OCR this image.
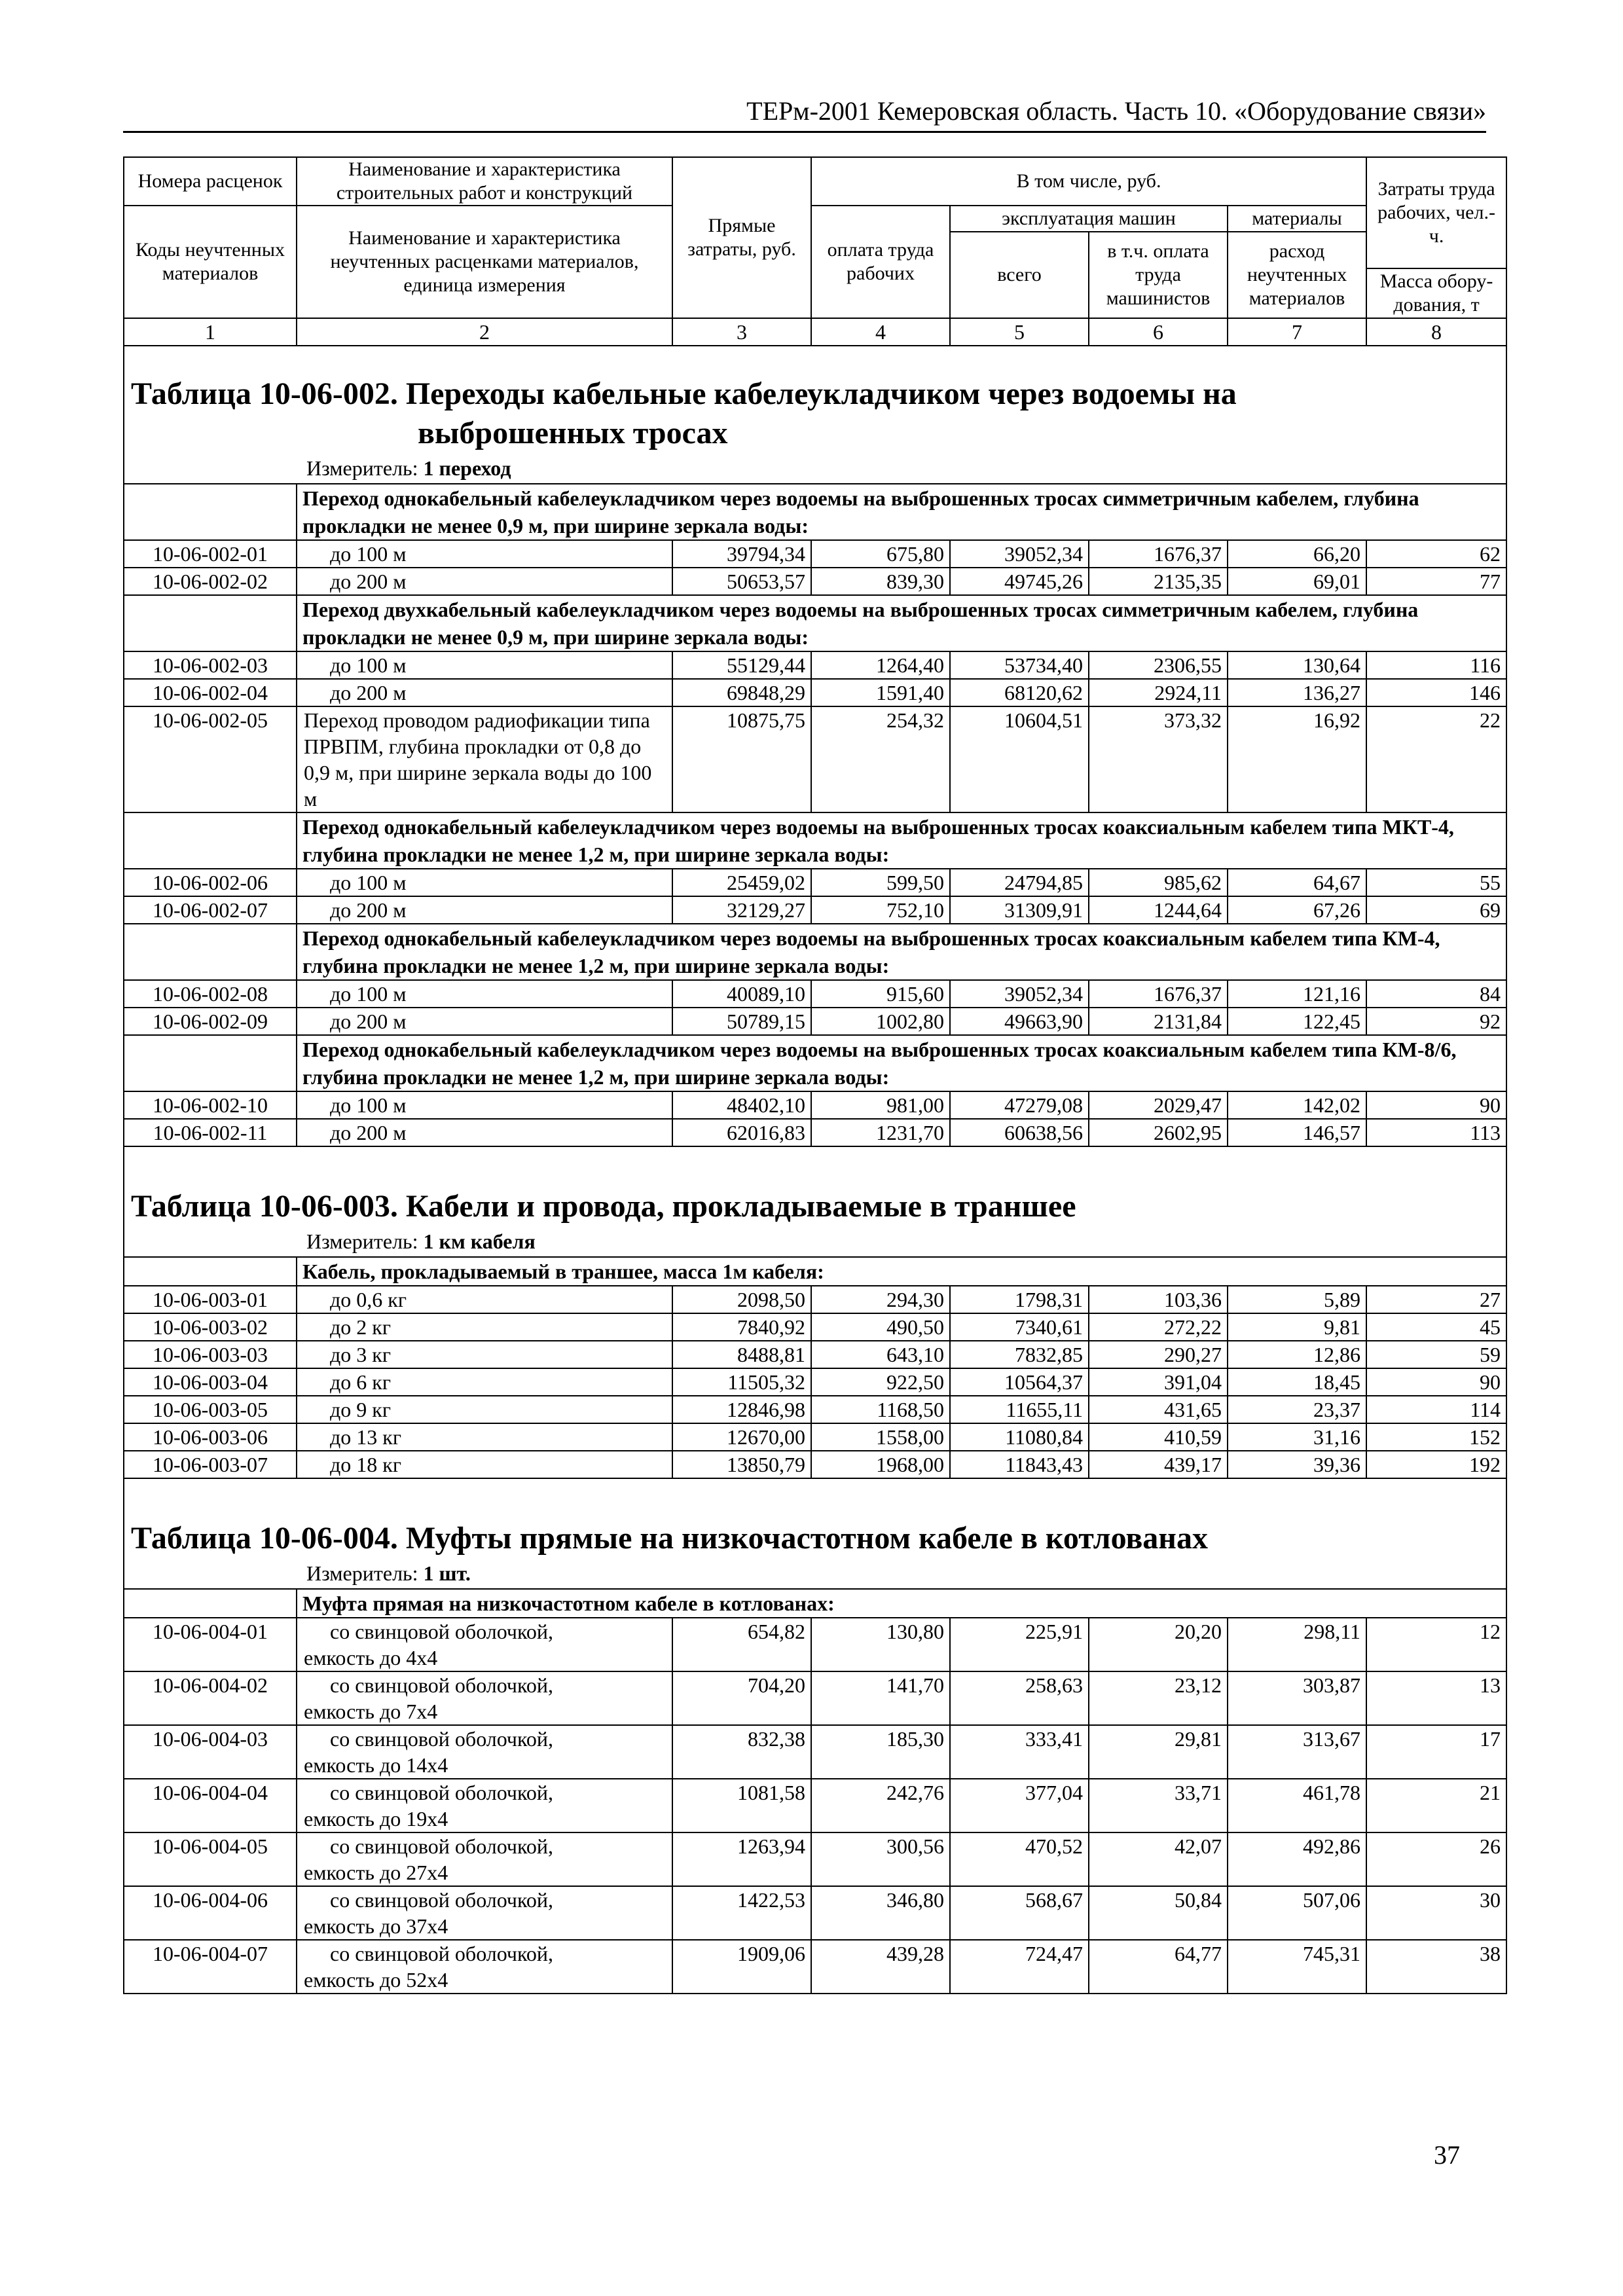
ТЕРм-2001 Кемеровская область. Часть 10. «Оборудование связи»
Номера расценок	Наименование и характеристика строительных работ и конструкций	Прямые затраты, руб.	В том числе, руб.				Затраты труда рабочих, чел.-ч.
Коды неучтенных материалов	Наименование и характеристика неучтенных расценками материалов, единица измерения		оплата труда рабочих	эксплуатация машин		материалы	
				всего	в т.ч. оплата труда машинистов	расход неучтенных материалов	
							Масса обору- дования, т
1	2	3	4	5	6	7	8

Таблица 10-06-002. Переходы кабельные кабелеукладчиком через водоемы на
выброшенных тросах							

Измеритель: 1 переход							
	Переход однокабельный кабелеукладчиком через водоемы на выброшенных тросах симметричным кабелем, глубина прокладки не менее 0,9 м, при ширине зеркала воды:						
10-06-002-01	до 100 м	39794,34	675,80	39052,34	1676,37	66,20	62
10-06-002-02	до 200 м	50653,57	839,30	49745,26	2135,35	69,01	77
	Переход двухкабельный кабелеукладчиком через водоемы на выброшенных тросах симметричным кабелем, глубина прокладки не менее 0,9 м, при ширине зеркала воды:						
10-06-002-03	до 100 м	55129,44	1264,40	53734,40	2306,55	130,64	116
10-06-002-04	до 200 м	69848,29	1591,40	68120,62	2924,11	136,27	146
10-06-002-05	Переход проводом радиофикации типа ПРВПМ, глубина прокладки от 0,8 до 0,9 м, при ширине зеркала воды до 100 м	10875,75	254,32	10604,51	373,32	16,92	22
	Переход однокабельный кабелеукладчиком через водоемы на выброшенных тросах коаксиальным кабелем типа МКТ-4, глубина прокладки не менее 1,2 м, при ширине зеркала воды:						
10-06-002-06	до 100 м	25459,02	599,50	24794,85	985,62	64,67	55
10-06-002-07	до 200 м	32129,27	752,10	31309,91	1244,64	67,26	69
	Переход однокабельный кабелеукладчиком через водоемы на выброшенных тросах коаксиальным кабелем типа КМ-4, глубина прокладки не менее 1,2 м, при ширине зеркала воды:						
10-06-002-08	до 100 м	40089,10	915,60	39052,34	1676,37	121,16	84
10-06-002-09	до 200 м	50789,15	1002,80	49663,90	2131,84	122,45	92
	Переход однокабельный кабелеукладчиком через водоемы на выброшенных тросах коаксиальным кабелем типа КМ-8/6, глубина прокладки не менее 1,2 м, при ширине зеркала воды:						
10-06-002-10	до 100 м	48402,10	981,00	47279,08	2029,47	142,02	90
10-06-002-11	до 200 м	62016,83	1231,70	60638,56	2602,95	146,57	113

Таблица 10-06-003. Кабели и провода, прокладываемые в траншее							

Измеритель: 1 км кабеля							
	Кабель, прокладываемый в траншее, масса 1м кабеля:						
10-06-003-01	до 0,6 кг	2098,50	294,30	1798,31	103,36	5,89	27
10-06-003-02	до 2 кг	7840,92	490,50	7340,61	272,22	9,81	45
10-06-003-03	до 3 кг	8488,81	643,10	7832,85	290,27	12,86	59
10-06-003-04	до 6 кг	11505,32	922,50	10564,37	391,04	18,45	90
10-06-003-05	до 9 кг	12846,98	1168,50	11655,11	431,65	23,37	114
10-06-003-06	до 13 кг	12670,00	1558,00	11080,84	410,59	31,16	152
10-06-003-07	до 18 кг	13850,79	1968,00	11843,43	439,17	39,36	192

Таблица 10-06-004. Муфты прямые на низкочастотном кабеле в котлованах							

Измеритель: 1 шт.							
	Муфта прямая на низкочастотном кабеле в котлованах:						
10-06-004-01	со свинцовой оболочкой,
емкость до 4х4	654,82	130,80	225,91	20,20	298,11	12
10-06-004-02	со свинцовой оболочкой,
емкость до 7х4	704,20	141,70	258,63	23,12	303,87	13
10-06-004-03	со свинцовой оболочкой,
емкость до 14х4	832,38	185,30	333,41	29,81	313,67	17
10-06-004-04	со свинцовой оболочкой,
емкость до 19х4	1081,58	242,76	377,04	33,71	461,78	21
10-06-004-05	со свинцовой оболочкой,
емкость до 27х4	1263,94	300,56	470,52	42,07	492,86	26
10-06-004-06	со свинцовой оболочкой,
емкость до 37х4	1422,53	346,80	568,67	50,84	507,06	30
10-06-004-07	со свинцовой оболочкой,
емкость до 52х4	1909,06	439,28	724,47	64,77	745,31	38
37
